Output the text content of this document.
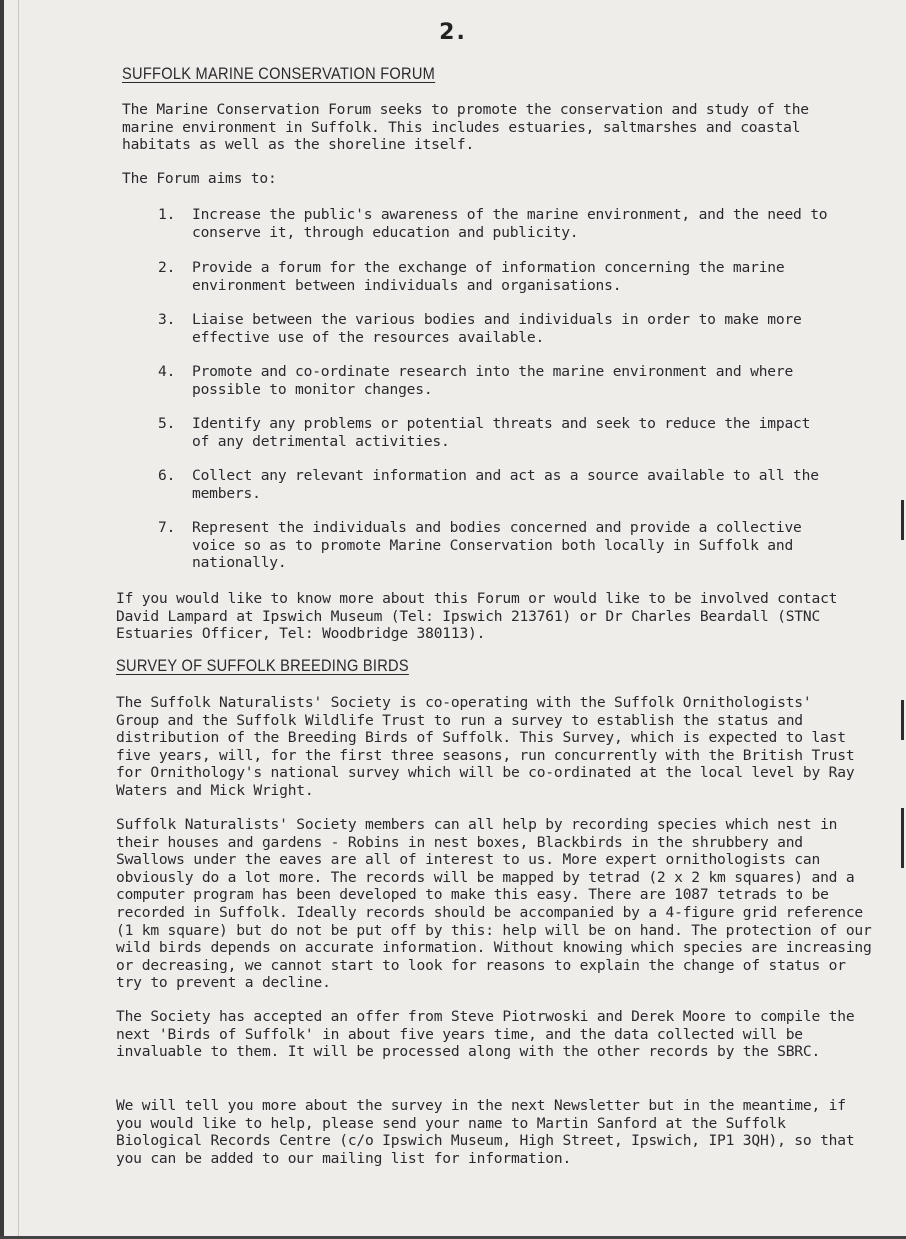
2.
SUFFOLK MARINE CONSERVATION FORUM

The Marine Conservation Forum seeks to promote the conservation and study of the marine environment in Suffolk. This includes estuaries, saltmarshes and coastal habitats as well as the shoreline itself.

The Forum aims to:

1. Increase the public's awareness of the marine environment, and the need to conserve it, through education and publicity.
2. Provide a forum for the exchange of information concerning the marine environment between individuals and organisations.
3. Liaise between the various bodies and individuals in order to make more effective use of the resources available.
4. Promote and co-ordinate research into the marine environment and where possible to monitor changes.
5. Identify any problems or potential threats and seek to reduce the impact of any detrimental activities.
6. Collect any relevant information and act as a source available to all the members.
7. Represent the individuals and bodies concerned and provide a collective voice so as to promote Marine Conservation both locally in Suffolk and nationally.

If you would like to know more about this Forum or would like to be involved contact David Lampard at Ipswich Museum (Tel: Ipswich 213761) or Dr Charles Beardall (STNC Estuaries Officer, Tel: Woodbridge 380113).

SURVEY OF SUFFOLK BREEDING BIRDS

The Suffolk Naturalists' Society is co-operating with the Suffolk Ornithologists' Group and the Suffolk Wildlife Trust to run a survey to establish the status and distribution of the Breeding Birds of Suffolk. This Survey, which is expected to last five years, will, for the first three seasons, run concurrently with the British Trust for Ornithology's national survey which will be co-ordinated at the local level by Ray Waters and Mick Wright.

Suffolk Naturalists' Society members can all help by recording species which nest in their houses and gardens - Robins in nest boxes, Blackbirds in the shrubbery and Swallows under the eaves are all of interest to us. More expert ornithologists can obviously do a lot more. The records will be mapped by tetrad (2 x 2 km squares) and a computer program has been developed to make this easy. There are 1087 tetrads to be recorded in Suffolk. Ideally records should be accompanied by a 4-figure grid reference (1 km square) but do not be put off by this: help will be on hand. The protection of our wild birds depends on accurate information. Without knowing which species are increasing or decreasing, we cannot start to look for reasons to explain the change of status or try to prevent a decline.

The Society has accepted an offer from Steve Piotrwoski and Derek Moore to compile the next 'Birds of Suffolk' in about five years time, and the data collected will be invaluable to them. It will be processed along with the other records by the SBRC.

We will tell you more about the survey in the next Newsletter but in the meantime, if you would like to help, please send your name to Martin Sanford at the Suffolk Biological Records Centre (c/o Ipswich Museum, High Street, Ipswich, IP1 3QH), so that you can be added to our mailing list for information.
